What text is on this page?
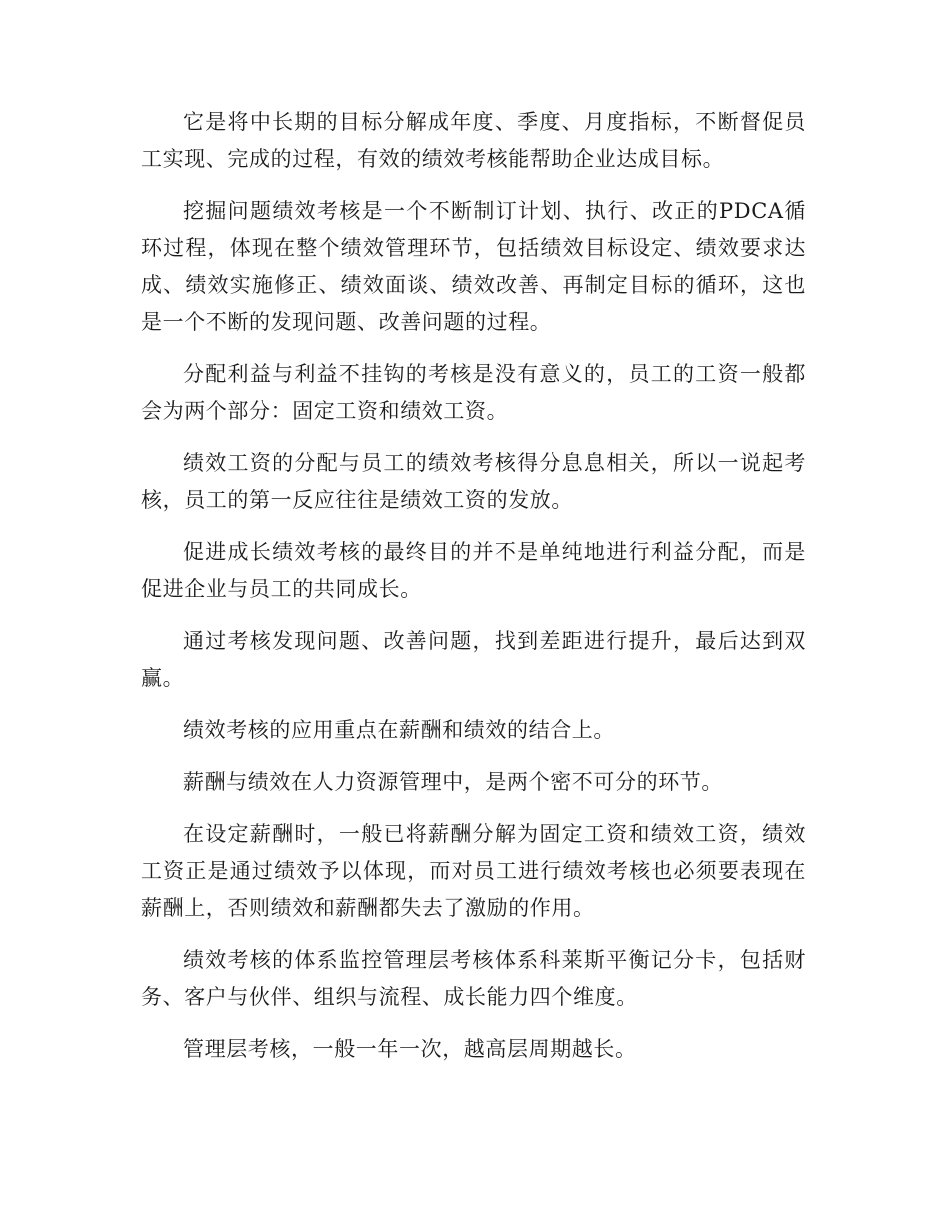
它是将中长期的目标分解成年度、季度、月度指标，不断督促员工实现、完成的过程，有效的绩效考核能帮助企业达成目标。

挖掘问题绩效考核是一个不断制订计划、执行、改正的PDCA循环过程，体现在整个绩效管理环节，包括绩效目标设定、绩效要求达成、绩效实施修正、绩效面谈、绩效改善、再制定目标的循环，这也是一个不断的发现问题、改善问题的过程。

分配利益与利益不挂钩的考核是没有意义的，员工的工资一般都会为两个部分：固定工资和绩效工资。

绩效工资的分配与员工的绩效考核得分息息相关，所以一说起考核，员工的第一反应往往是绩效工资的发放。

促进成长绩效考核的最终目的并不是单纯地进行利益分配，而是促进企业与员工的共同成长。

通过考核发现问题、改善问题，找到差距进行提升，最后达到双赢。

绩效考核的应用重点在薪酬和绩效的结合上。

薪酬与绩效在人力资源管理中，是两个密不可分的环节。

在设定薪酬时，一般已将薪酬分解为固定工资和绩效工资，绩效工资正是通过绩效予以体现，而对员工进行绩效考核也必须要表现在薪酬上，否则绩效和薪酬都失去了激励的作用。

绩效考核的体系监控管理层考核体系科莱斯平衡记分卡，包括财务、客户与伙伴、组织与流程、成长能力四个维度。

管理层考核，一般一年一次，越高层周期越长。
